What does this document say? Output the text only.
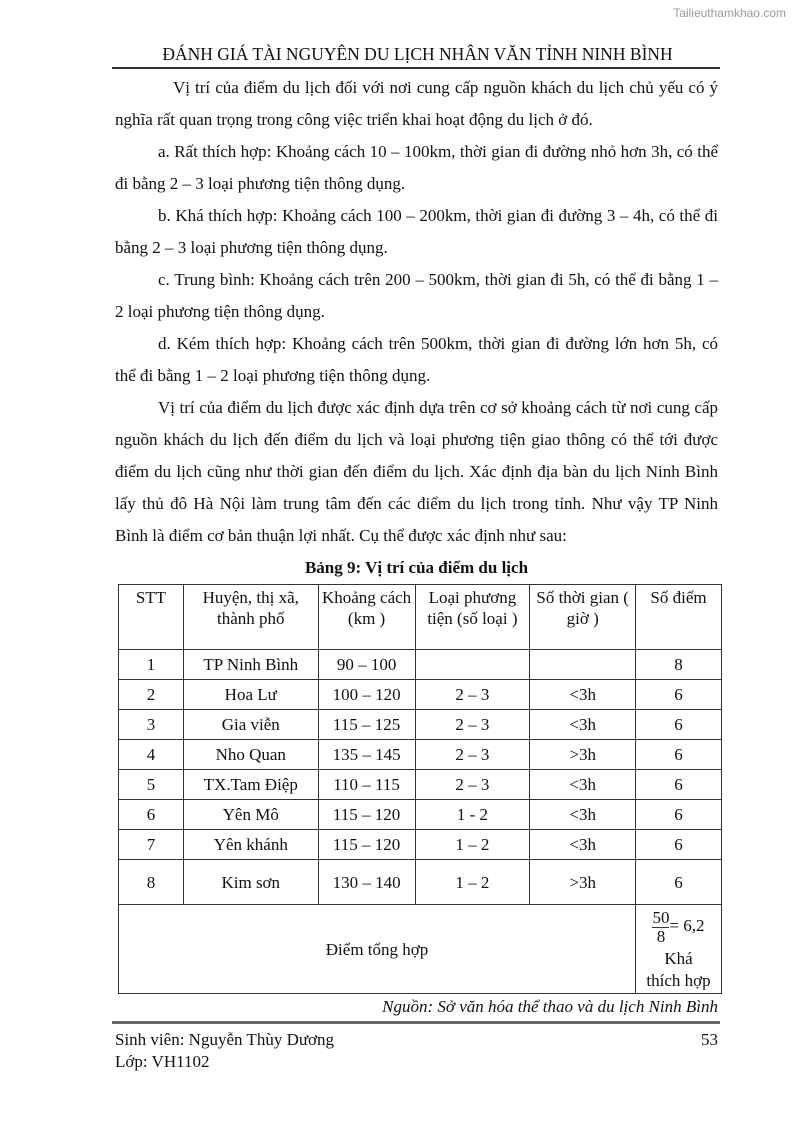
Tailieuthamkhao.com
ĐÁNH GIÁ TÀI NGUYÊN DU LỊCH NHÂN VĂN TỈNH NINH BÌNH

Vị trí của điểm du lịch đối với nơi cung cấp nguồn khách du lịch chủ yếu có ý nghĩa rất quan trọng trong công việc triển khai hoạt động du lịch ở đó.

a. Rất thích hợp: Khoảng cách 10 – 100km, thời gian đi đường nhỏ hơn 3h, có thể đi bằng 2 – 3 loại phương tiện thông dụng.

b. Khá thích hợp: Khoảng cách 100 – 200km, thời gian đi đường 3 – 4h, có thể đi bằng 2 – 3 loại phương tiện thông dụng.

c. Trung bình: Khoảng cách trên 200 – 500km, thời gian đi 5h, có thể đi bằng 1 – 2 loại phương tiện thông dụng.

d. Kém thích hợp: Khoảng cách trên 500km, thời gian đi đường lớn hơn 5h, có thể đi bằng 1 – 2 loại phương tiện thông dụng.

Vị trí của điểm du lịch được xác định dựa trên cơ sở khoảng cách từ nơi cung cấp nguồn khách du lịch đến điểm du lịch và loại phương tiện giao thông có thể tới được điểm du lịch cũng như thời gian đến điểm du lịch. Xác định địa bàn du lịch Ninh Bình lấy thủ đô Hà Nội làm trung tâm đến các điểm du lịch trong tỉnh. Như vậy TP Ninh Bình là điểm cơ bản thuận lợi nhất. Cụ thể được xác định như sau:

Bảng 9: Vị trí của điểm du lịch
STT	Huyện, thị xã, thành phố	Khoảng cách (km )	Loại phương tiện (số loại )	Số thời gian ( giờ )	Số điểm
1	TP Ninh Bình	90 – 100			8
2	Hoa Lư	100 – 120	2 – 3	<3h	6
3	Gia viễn	115 – 125	2 – 3	<3h	6
4	Nho Quan	135 – 145	2 – 3	>3h	6
5	TX.Tam Điệp	110 – 115	2 – 3	<3h	6
6	Yên Mô	115 – 120	1 - 2	<3h	6
7	Yên khánh	115 – 120	1 – 2	<3h	6
8	Kim sơn	130 – 140	1 – 2	>3h	6
Điểm tổng hợp					$\frac{50}{8} = 6,2$
Khá thích hợp
Nguồn: Sở văn hóa thể thao và du lịch Ninh Bình
Sinh viên: Nguyễn Thùy Dương
Lớp: VH1102
53
